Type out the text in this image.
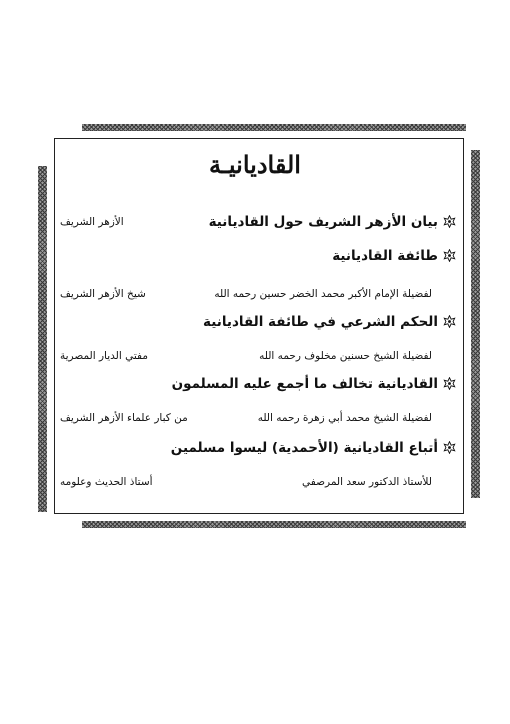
القاديانيـة
بيان الأزهر الشريف حول القاديانية
الأزهر الشريف
طائفة القاديانية
لفضيلة الإمام الأكبر محمد الخضر حسين رحمه الله
شيخ الأزهر الشريف
الحكم الشرعي في طائفة القاديانية
لفضيلة الشيخ حسنين مخلوف رحمه الله
مفتي الديار المصرية
القاديانية تخالف ما أجمع عليه المسلمون
لفضيلة الشيخ محمد أبي زهرة رحمه الله
من كبار علماء الأزهر الشريف
أتباع القاديانية (الأحمدية) ليسوا مسلمين
للأستاذ الدكتور سعد المرصفي
أستاذ الحديث وعلومه
